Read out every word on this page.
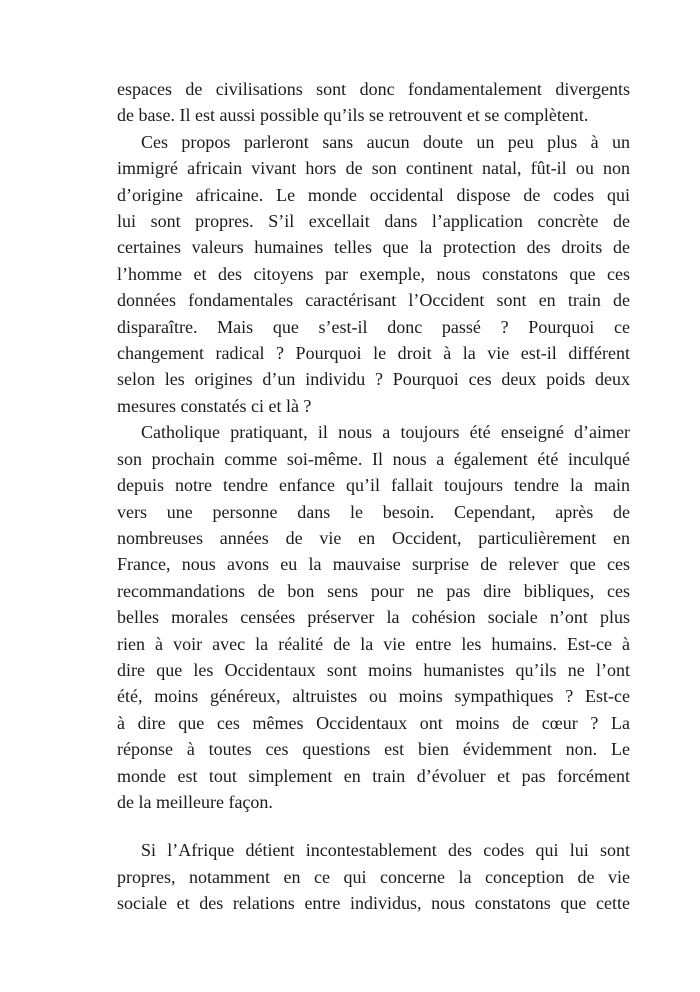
espaces de civilisations sont donc fondamentalement divergents
de base. Il est aussi possible qu’ils se retrouvent et se complètent.
Ces propos parleront sans aucun doute un peu plus à un
immigré africain vivant hors de son continent natal, fût-il ou non
d’origine africaine. Le monde occidental dispose de codes qui
lui sont propres. S’il excellait dans l’application concrète de
certaines valeurs humaines telles que la protection des droits de
l’homme et des citoyens par exemple, nous constatons que ces
données fondamentales caractérisant l’Occident sont en train de
disparaître. Mais que s’est-il donc passé ? Pourquoi ce
changement radical ? Pourquoi le droit à la vie est-il différent
selon les origines d’un individu ? Pourquoi ces deux poids deux
mesures constatés ci et là ?
Catholique pratiquant, il nous a toujours été enseigné d’aimer
son prochain comme soi-même. Il nous a également été inculqué
depuis notre tendre enfance qu’il fallait toujours tendre la main
vers une personne dans le besoin. Cependant, après de
nombreuses années de vie en Occident, particulièrement en
France, nous avons eu la mauvaise surprise de relever que ces
recommandations de bon sens pour ne pas dire bibliques, ces
belles morales censées préserver la cohésion sociale n’ont plus
rien à voir avec la réalité de la vie entre les humains. Est-ce à
dire que les Occidentaux sont moins humanistes qu’ils ne l’ont
été, moins généreux, altruistes ou moins sympathiques ? Est-ce
à dire que ces mêmes Occidentaux ont moins de cœur ? La
réponse à toutes ces questions est bien évidemment non. Le
monde est tout simplement en train d’évoluer et pas forcément
de la meilleure façon.
Si l’Afrique détient incontestablement des codes qui lui sont
propres, notamment en ce qui concerne la conception de vie
sociale et des relations entre individus, nous constatons que cette
